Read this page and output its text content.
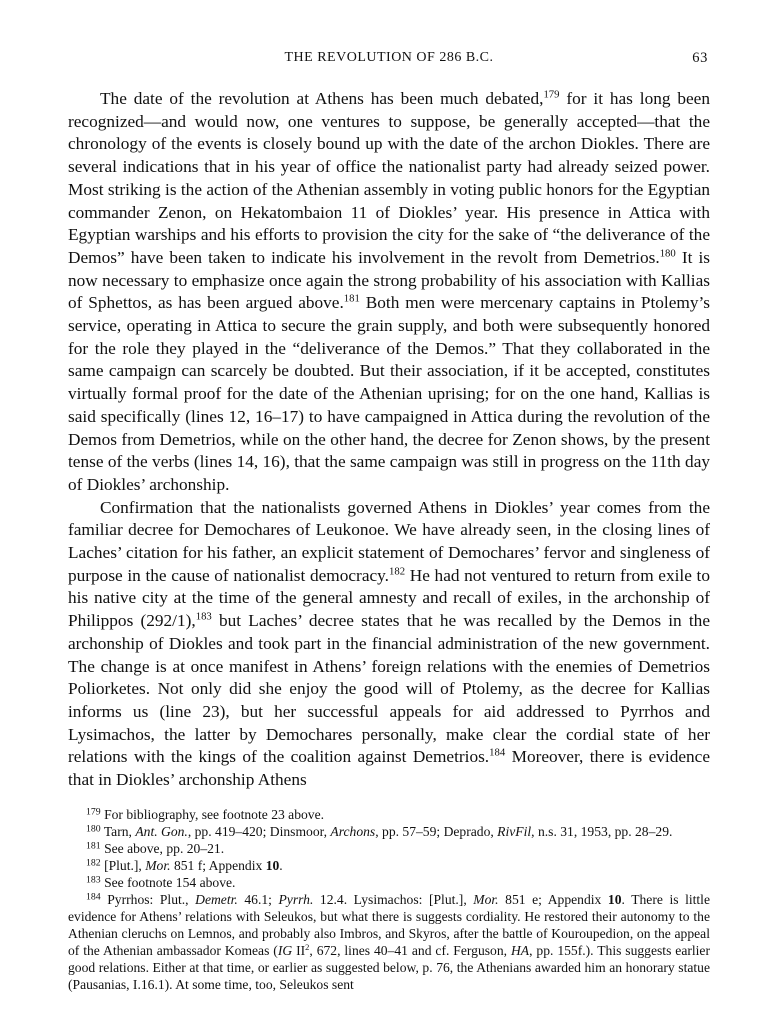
THE REVOLUTION OF 286 B.C.	63

The date of the revolution at Athens has been much debated,$^{179}$ for it has long been recognized—and would now, one ventures to suppose, be generally accepted—that the chronology of the events is closely bound up with the date of the archon Diokles. There are several indications that in his year of office the nationalist party had already seized power. Most striking is the action of the Athenian assembly in voting public honors for the Egyptian commander Zenon, on Hekatombaion 11 of Diokles’ year. His presence in Attica with Egyptian warships and his efforts to provision the city for the sake of “the deliverance of the Demos” have been taken to indicate his involvement in the revolt from Demetrios.$^{180}$ It is now necessary to emphasize once again the strong probability of his association with Kallias of Sphettos, as has been argued above.$^{181}$ Both men were mercenary captains in Ptolemy’s service, operating in Attica to secure the grain supply, and both were subsequently honored for the role they played in the “deliverance of the Demos.” That they collaborated in the same campaign can scarcely be doubted. But their association, if it be accepted, constitutes virtually formal proof for the date of the Athenian uprising; for on the one hand, Kallias is said specifically (lines 12, 16–17) to have campaigned in Attica during the revolution of the Demos from Demetrios, while on the other hand, the decree for Zenon shows, by the present tense of the verbs (lines 14, 16), that the same campaign was still in progress on the 11th day of Diokles’ archonship.

Confirmation that the nationalists governed Athens in Diokles’ year comes from the familiar decree for Demochares of Leukonoe. We have already seen, in the closing lines of Laches’ citation for his father, an explicit statement of Demochares’ fervor and singleness of purpose in the cause of nationalist democracy.$^{182}$ He had not ventured to return from exile to his native city at the time of the general amnesty and recall of exiles, in the archonship of Philippos (292/1),$^{183}$ but Laches’ decree states that he was recalled by the Demos in the archonship of Diokles and took part in the financial administration of the new government. The change is at once manifest in Athens’ foreign relations with the enemies of Demetrios Poliorketes. Not only did she enjoy the good will of Ptolemy, as the decree for Kallias informs us (line 23), but her successful appeals for aid addressed to Pyrrhos and Lysimachos, the latter by Demochares personally, make clear the cordial state of her relations with the kings of the coalition against Demetrios.$^{184}$ Moreover, there is evidence that in Diokles’ archonship Athens

$^{179}$ For bibliography, see footnote 23 above.

$^{180}$ Tarn, Ant. Gon., pp. 419–420; Dinsmoor, Archons, pp. 57–59; Deprado, RivFil, n.s. 31, 1953, pp. 28–29.

$^{181}$ See above, pp. 20–21.

$^{182}$ [Plut.], Mor. 851 f; Appendix 10.

$^{183}$ See footnote 154 above.

$^{184}$ Pyrrhos: Plut., Demetr. 46.1; Pyrrh. 12.4. Lysimachos: [Plut.], Mor. 851 e; Appendix 10. There is little evidence for Athens’ relations with Seleukos, but what there is suggests cordiality. He restored their autonomy to the Athenian cleruchs on Lemnos, and probably also Imbros, and Skyros, after the battle of Kouroupedion, on the appeal of the Athenian ambassador Komeas (IG $II^2$, 672, lines 40–41 and cf. Ferguson, HA, pp. 155f.). This suggests earlier good relations. Either at that time, or earlier as suggested below, p. 76, the Athenians awarded him an honorary statue (Pausanias, I.16.1). At some time, too, Seleukos sent
